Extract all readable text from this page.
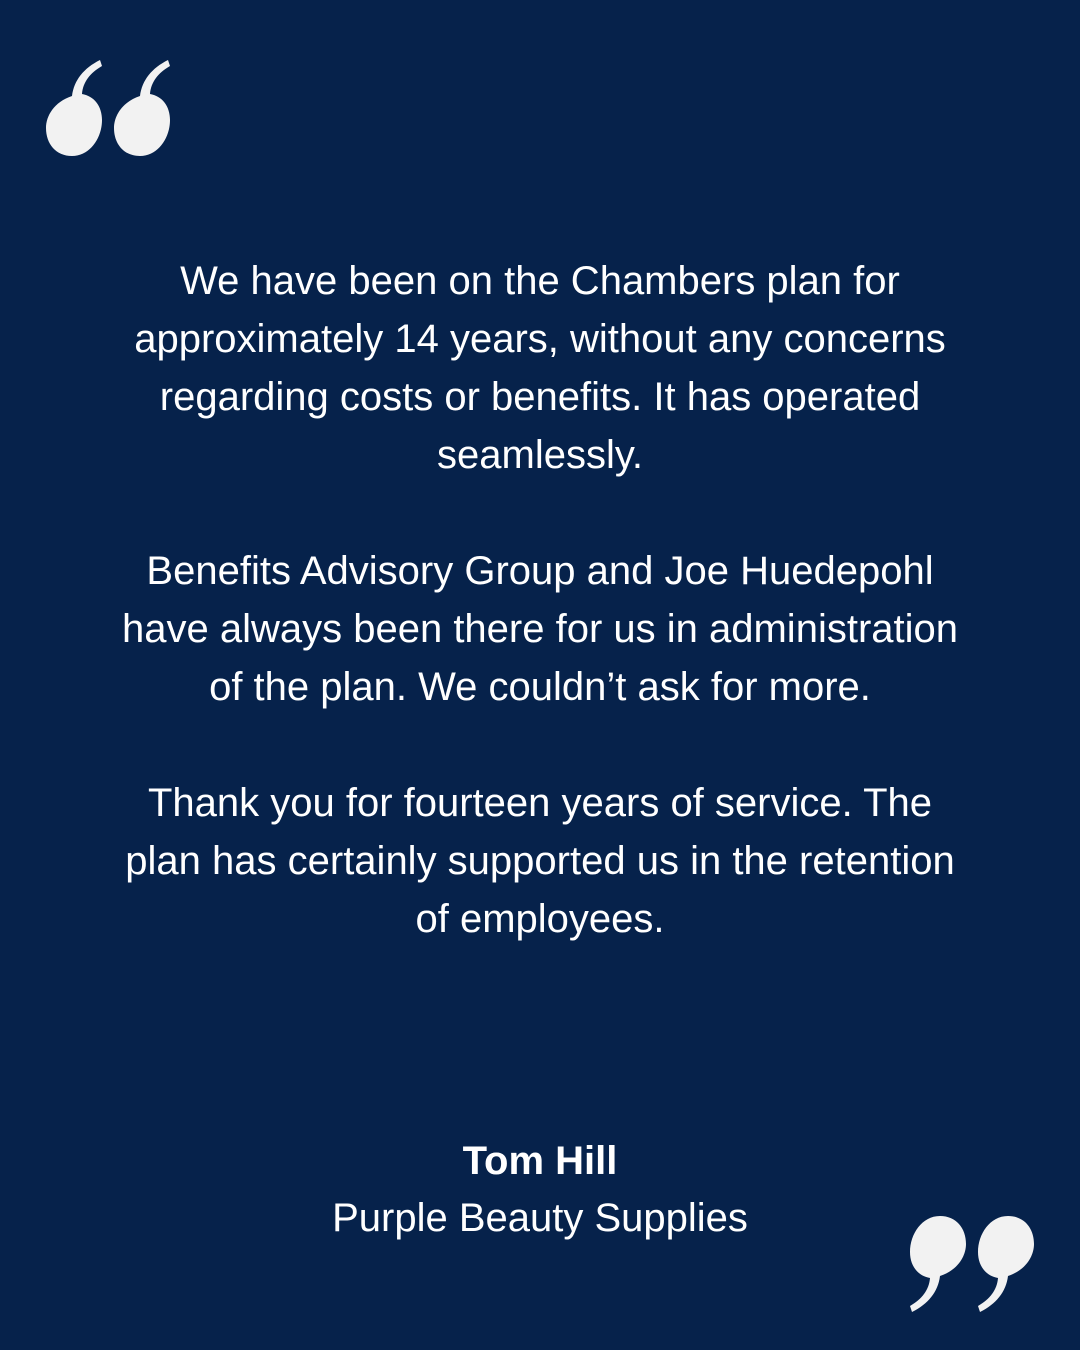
We have been on the Chambers plan for approximately 14 years, without any concerns regarding costs or benefits. It has operated seamlessly.

Benefits Advisory Group and Joe Huedepohl have always been there for us in administration of the plan. We couldn’t ask for more.

Thank you for fourteen years of service. The plan has certainly supported us in the retention of employees.

Tom Hill
Purple Beauty Supplies
